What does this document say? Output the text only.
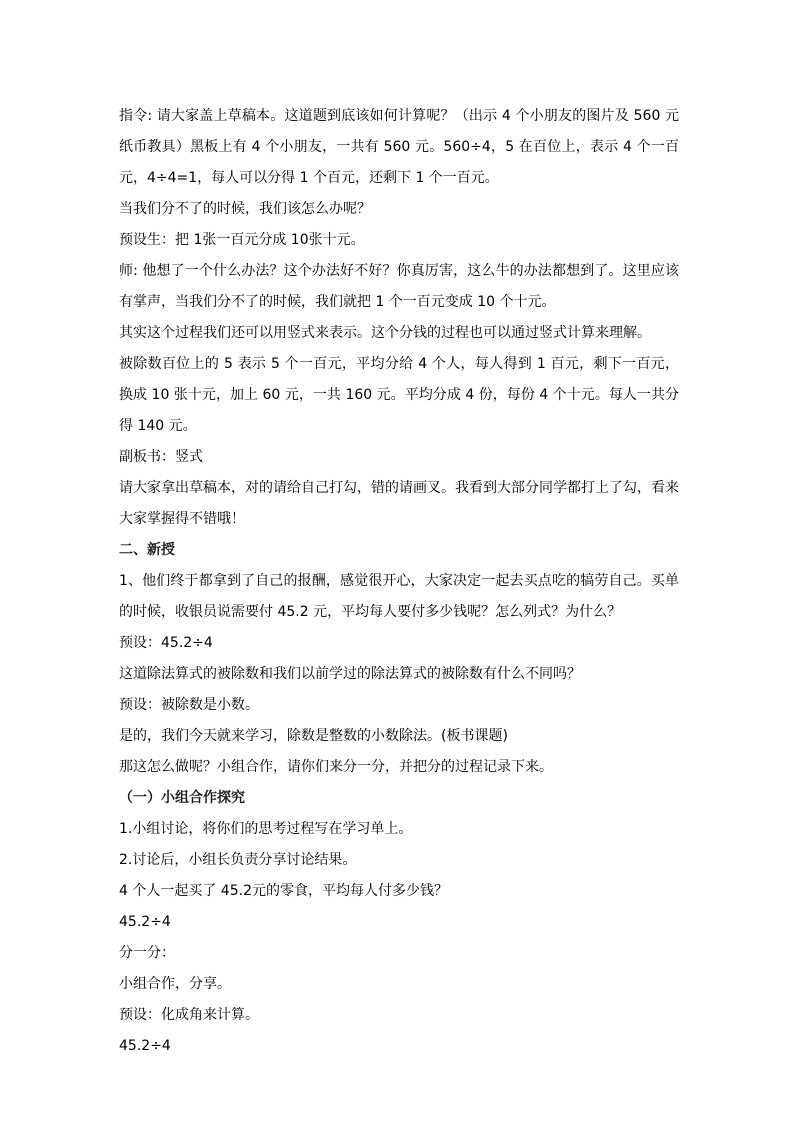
指令: 请大家盖上草稿本。这道题到底该如何计算呢？（出示 4 个小朋友的图片及 560 元纸币教具）黑板上有 4 个小朋友，一共有 560 元。560÷4，5 在百位上，表示 4 个一百元，4÷4=1，每人可以分得 1 个百元，还剩下 1 个一百元。

当我们分不了的时候，我们该怎么办呢？

预设生：把 1张一百元分成 10张十元。

师: 他想了一个什么办法？这个办法好不好？你真厉害，这么牛的办法都想到了。这里应该有掌声，当我们分不了的时候，我们就把 1 个一百元变成 10 个十元。

其实这个过程我们还可以用竖式来表示。这个分钱的过程也可以通过竖式计算来理解。

被除数百位上的 5 表示 5 个一百元，平均分给 4 个人，每人得到 1 百元，剩下一百元，换成 10 张十元，加上 60 元，一共 160 元。平均分成 4 份，每份 4 个十元。每人一共分得 140 元。

副板书：竖式

请大家拿出草稿本，对的请给自己打勾，错的请画叉。我看到大部分同学都打上了勾，看来大家掌握得不错哦！

二、新授

1、他们终于都拿到了自己的报酬，感觉很开心，大家决定一起去买点吃的犒劳自己。买单的时候，收银员说需要付 45.2 元，平均每人要付多少钱呢？怎么列式？为什么？

预设：45.2÷4

这道除法算式的被除数和我们以前学过的除法算式的被除数有什么不同吗？

预设：被除数是小数。

是的，我们今天就来学习，除数是整数的小数除法。(板书课题)

那这怎么做呢？小组合作，请你们来分一分，并把分的过程记录下来。

（一）小组合作探究

1.小组讨论，将你们的思考过程写在学习单上。

2.讨论后，小组长负责分享讨论结果。

4 个人一起买了 45.2元的零食，平均每人付多少钱？

45.2÷4

分一分：

小组合作，分享。

预设：化成角来计算。

45.2÷4
